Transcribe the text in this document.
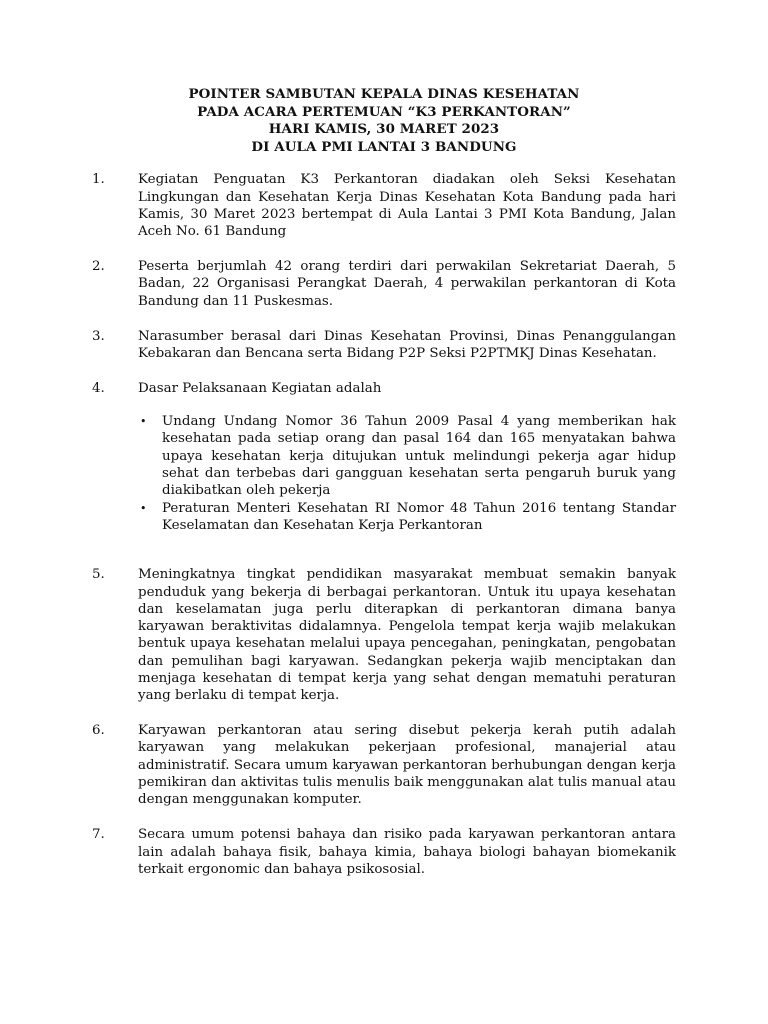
POINTER SAMBUTAN KEPALA DINAS KESEHATAN
PADA ACARA PERTEMUAN “K3 PERKANTORAN”
HARI KAMIS, 30 MARET 2023
DI AULA PMI LANTAI 3 BANDUNG
1.	Kegiatan Penguatan K3 Perkantoran diadakan oleh Seksi Kesehatan Lingkungan dan Kesehatan Kerja Dinas Kesehatan Kota Bandung pada hari Kamis, 30 Maret 2023 bertempat di Aula Lantai 3 PMI Kota Bandung, Jalan Aceh No. 61 Bandung
2.	Peserta berjumlah 42 orang terdiri dari perwakilan Sekretariat Daerah, 5 Badan, 22 Organisasi Perangkat Daerah, 4 perwakilan perkantoran di Kota Bandung dan 11 Puskesmas.
3.	Narasumber berasal dari Dinas Kesehatan Provinsi, Dinas Penanggulangan Kebakaran dan Bencana serta Bidang P2P Seksi P2PTMKJ Dinas Kesehatan.
4.	Dasar Pelaksanaan Kegiatan adalah
•	Undang Undang Nomor 36 Tahun 2009 Pasal 4 yang memberikan hak kesehatan pada setiap orang dan pasal 164 dan 165 menyatakan bahwa upaya kesehatan kerja ditujukan untuk melindungi pekerja agar hidup sehat dan terbebas dari gangguan kesehatan serta pengaruh buruk yang diakibatkan oleh pekerja
•	Peraturan Menteri Kesehatan RI Nomor 48 Tahun 2016 tentang Standar Keselamatan dan Kesehatan Kerja Perkantoran
5.	Meningkatnya tingkat pendidikan masyarakat membuat semakin banyak penduduk yang bekerja di berbagai perkantoran. Untuk itu upaya kesehatan dan keselamatan juga perlu diterapkan di perkantoran dimana banya karyawan beraktivitas didalamnya. Pengelola tempat kerja wajib melakukan bentuk upaya kesehatan melalui upaya pencegahan, peningkatan, pengobatan dan pemulihan bagi karyawan. Sedangkan pekerja wajib menciptakan dan menjaga kesehatan di tempat kerja yang sehat dengan mematuhi peraturan yang berlaku di tempat kerja.
6.	Karyawan perkantoran atau sering disebut pekerja kerah putih adalah karyawan yang melakukan pekerjaan profesional, manajerial atau administratif. Secara umum karyawan perkantoran berhubungan dengan kerja pemikiran dan aktivitas tulis menulis baik menggunakan alat tulis manual atau dengan menggunakan komputer.
7.	Secara umum potensi bahaya dan risiko pada karyawan perkantoran antara lain adalah bahaya fisik, bahaya kimia, bahaya biologi bahayan biomekanik terkait ergonomic dan bahaya psikososial.
